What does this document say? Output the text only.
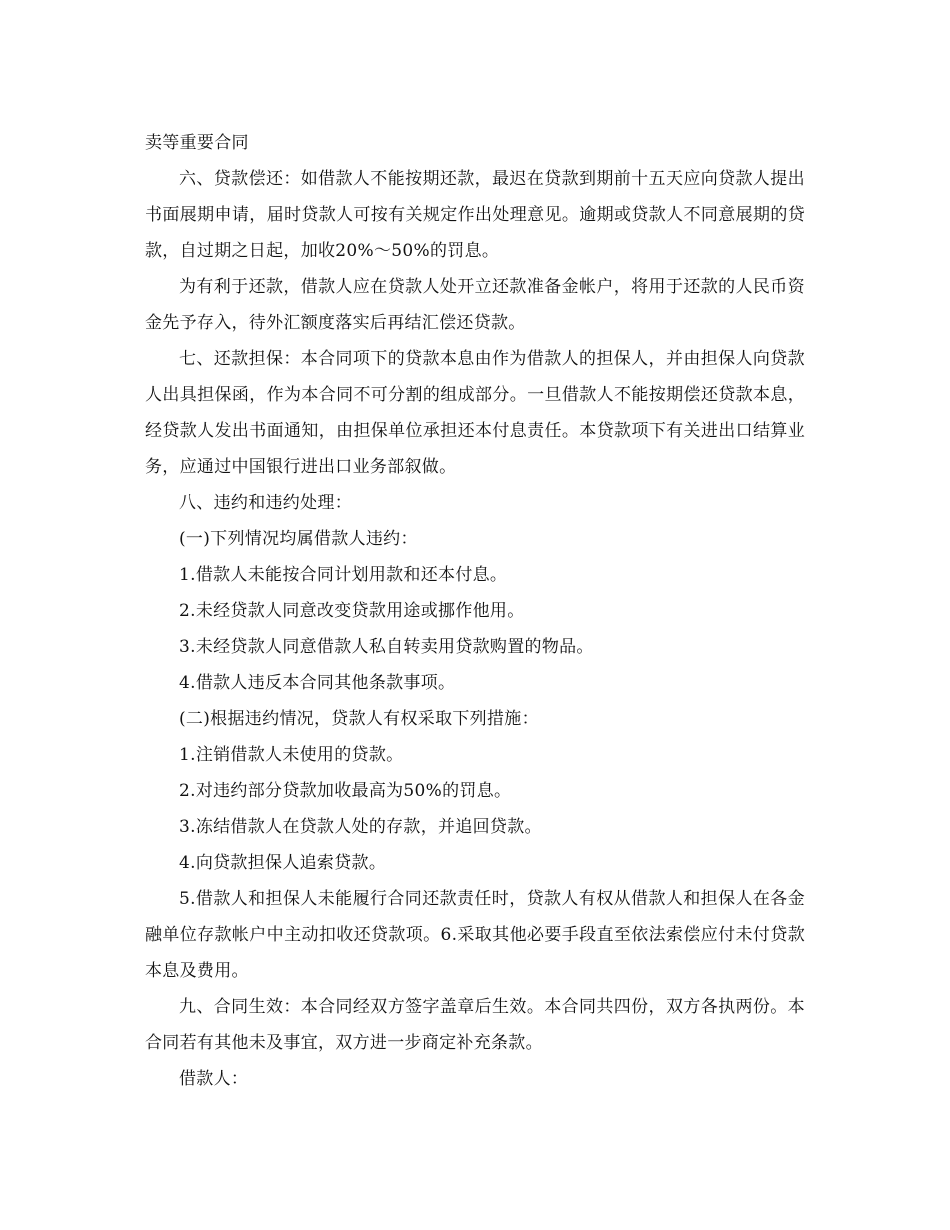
卖等重要合同

六、贷款偿还：如借款人不能按期还款，最迟在贷款到期前十五天应向贷款人提出书面展期申请，届时贷款人可按有关规定作出处理意见。逾期或贷款人不同意展期的贷款，自过期之日起，加收20%～50%的罚息。

为有利于还款，借款人应在贷款人处开立还款准备金帐户，将用于还款的人民币资金先予存入，待外汇额度落实后再结汇偿还贷款。

七、还款担保：本合同项下的贷款本息由作为借款人的担保人，并由担保人向贷款人出具担保函，作为本合同不可分割的组成部分。一旦借款人不能按期偿还贷款本息，经贷款人发出书面通知，由担保单位承担还本付息责任。本贷款项下有关进出口结算业务，应通过中国银行进出口业务部叙做。

八、违约和违约处理：

(一)下列情况均属借款人违约：

1.借款人未能按合同计划用款和还本付息。

2.未经贷款人同意改变贷款用途或挪作他用。

3.未经贷款人同意借款人私自转卖用贷款购置的物品。

4.借款人违反本合同其他条款事项。

(二)根据违约情况，贷款人有权采取下列措施：

1.注销借款人未使用的贷款。

2.对违约部分贷款加收最高为50%的罚息。

3.冻结借款人在贷款人处的存款，并追回贷款。

4.向贷款担保人追索贷款。

5.借款人和担保人未能履行合同还款责任时，贷款人有权从借款人和担保人在各金融单位存款帐户中主动扣收还贷款项。6.采取其他必要手段直至依法索偿应付未付贷款本息及费用。

九、合同生效：本合同经双方签字盖章后生效。本合同共四份，双方各执两份。本合同若有其他未及事宜，双方进一步商定补充条款。

借款人：
